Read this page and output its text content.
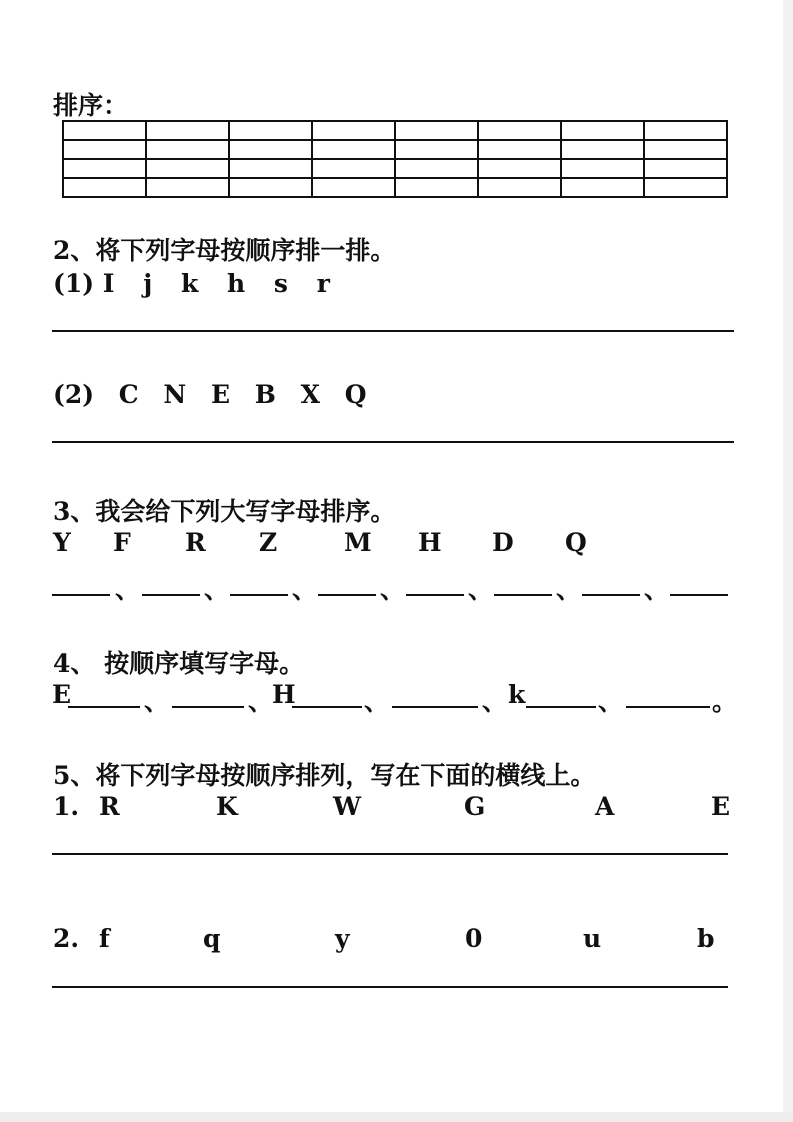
排序：

2、将下列字母按顺序排一排。
(1) I j k h s r
(2) C N E B X Q
3、我会给下列大写字母排序。
Y F R Z	M H D Q
、	、	、	、	、	、	、
4、 按顺序填写字母。
E	、	、
H	、	、 k	、	。
5、将下列字母按顺序排列，写在下面的横线上。
1. R	K	W	G	A	E
2. f	q	y	0	u	b
